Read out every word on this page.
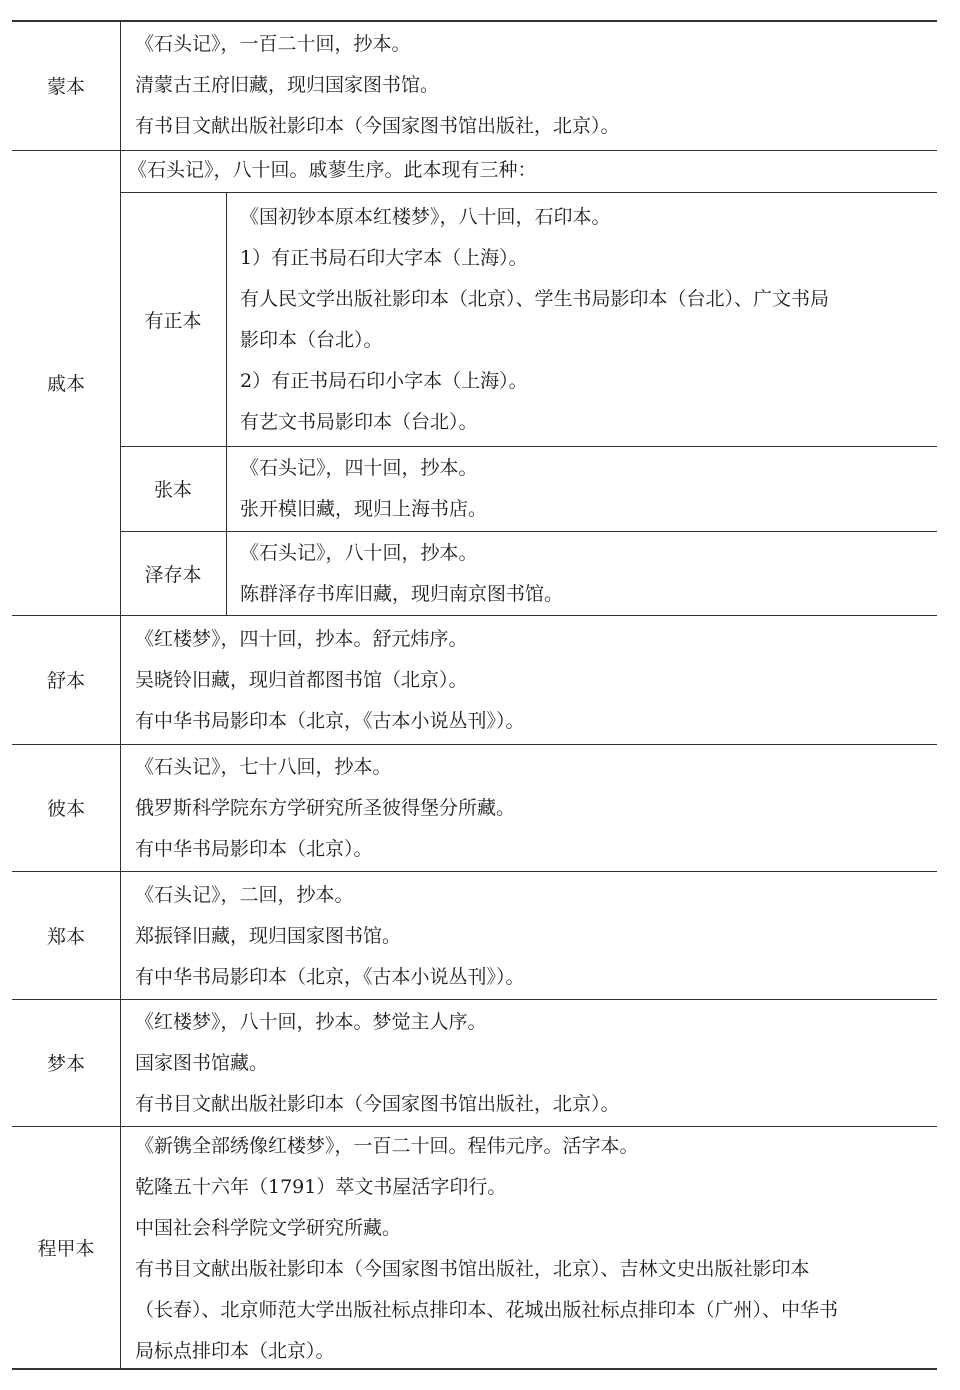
蒙本
《石头记》，一百二十回，抄本。
清蒙古王府旧藏，现归国家图书馆。
有书目文献出版社影印本（今国家图书馆出版社，北京）。
戚本
《石头记》，八十回。戚蓼生序。此本现有三种：
有正本
《国初钞本原本红楼梦》，八十回，石印本。
1）有正书局石印大字本（上海）。
有人民文学出版社影印本（北京）、学生书局影印本（台北）、广文书局
影印本（台北）。
2）有正书局石印小字本（上海）。
有艺文书局影印本（台北）。
张本
《石头记》，四十回，抄本。
张开模旧藏，现归上海书店。
泽存本
《石头记》，八十回，抄本。
陈群泽存书库旧藏，现归南京图书馆。
舒本
《红楼梦》，四十回，抄本。舒元炜序。
吴晓铃旧藏，现归首都图书馆（北京）。
有中华书局影印本（北京，《古本小说丛刊》）。
彼本
《石头记》，七十八回，抄本。
俄罗斯科学院东方学研究所圣彼得堡分所藏。
有中华书局影印本（北京）。
郑本
《石头记》，二回，抄本。
郑振铎旧藏，现归国家图书馆。
有中华书局影印本（北京，《古本小说丛刊》）。
梦本
《红楼梦》，八十回，抄本。梦觉主人序。
国家图书馆藏。
有书目文献出版社影印本（今国家图书馆出版社，北京）。
程甲本
《新镌全部绣像红楼梦》，一百二十回。程伟元序。活字本。
乾隆五十六年（1791）萃文书屋活字印行。
中国社会科学院文学研究所藏。
有书目文献出版社影印本（今国家图书馆出版社，北京）、吉林文史出版社影印本
（长春）、北京师范大学出版社标点排印本、花城出版社标点排印本（广州）、中华书
局标点排印本（北京）。
